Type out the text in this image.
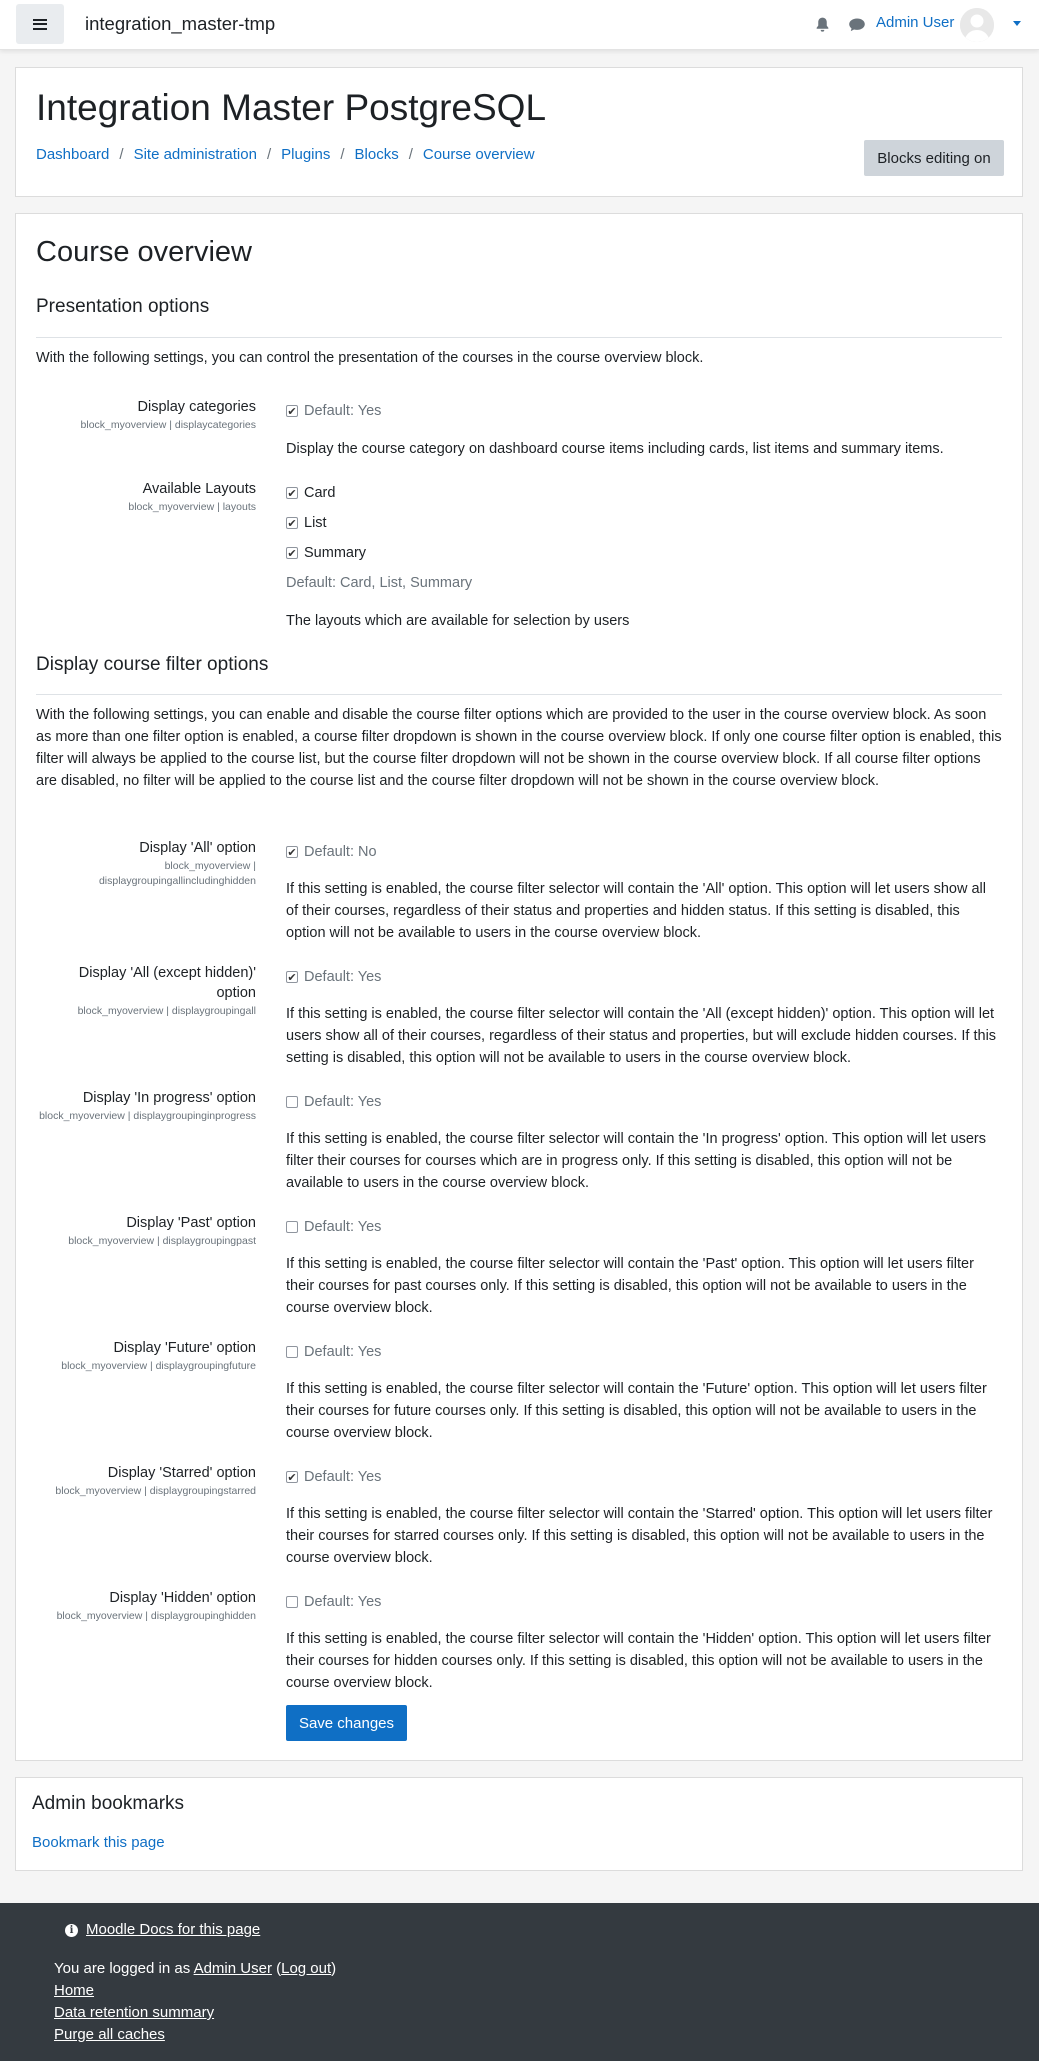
integration_master-tmp	Admin User
Integration Master PostgreSQL
Dashboard / Site administration / Plugins / Blocks / Course overview	Blocks editing on
Course overview
Presentation options

With the following settings, you can control the presentation of the courses in the course overview block.

Display categories
block_myoverview | displaycategories
✔ Default: Yes

Display the course category on dashboard course items including cards, list items and summary items.

Available Layouts
block_myoverview | layouts
✔ Card
✔ List
✔ Summary
Default: Card, List, Summary

The layouts which are available for selection by users

Display course filter options

With the following settings, you can enable and disable the course filter options which are provided to the user in the course overview block. As soon as more than one filter option is enabled, a course filter dropdown is shown in the course overview block. If only one course filter option is enabled, this filter will always be applied to the course list, but the course filter dropdown will not be shown in the course overview block. If all course filter options are disabled, no filter will be applied to the course list and the course filter dropdown will not be shown in the course overview block.

Display 'All' option
block_myoverview | displaygroupingallincludinghidden
✔ Default: No

If this setting is enabled, the course filter selector will contain the 'All' option. This option will let users show all of their courses, regardless of their status and properties and hidden status. If this setting is disabled, this option will not be available to users in the course overview block.

Display 'All (except hidden)' option
block_myoverview | displaygroupingall
✔ Default: Yes

If this setting is enabled, the course filter selector will contain the 'All (except hidden)' option. This option will let users show all of their courses, regardless of their status and properties, but will exclude hidden courses. If this setting is disabled, this option will not be available to users in the course overview block.

Display 'In progress' option
block_myoverview | displaygroupinginprogress
Default: Yes

If this setting is enabled, the course filter selector will contain the 'In progress' option. This option will let users filter their courses for courses which are in progress only. If this setting is disabled, this option will not be available to users in the course overview block.

Display 'Past' option
block_myoverview | displaygroupingpast
Default: Yes

If this setting is enabled, the course filter selector will contain the 'Past' option. This option will let users filter their courses for past courses only. If this setting is disabled, this option will not be available to users in the course overview block.

Display 'Future' option
block_myoverview | displaygroupingfuture
Default: Yes

If this setting is enabled, the course filter selector will contain the 'Future' option. This option will let users filter their courses for future courses only. If this setting is disabled, this option will not be available to users in the course overview block.

Display 'Starred' option
block_myoverview | displaygroupingstarred
✔ Default: Yes

If this setting is enabled, the course filter selector will contain the 'Starred' option. This option will let users filter their courses for starred courses only. If this setting is disabled, this option will not be available to users in the course overview block.

Display 'Hidden' option
block_myoverview | displaygroupinghidden
Default: Yes

If this setting is enabled, the course filter selector will contain the 'Hidden' option. This option will let users filter their courses for hidden courses only. If this setting is disabled, this option will not be available to users in the course overview block.

Save changes
Admin bookmarks
Bookmark this page
i Moodle Docs for this page
You are logged in as Admin User (Log out)
Home
Data retention summary
Purge all caches
